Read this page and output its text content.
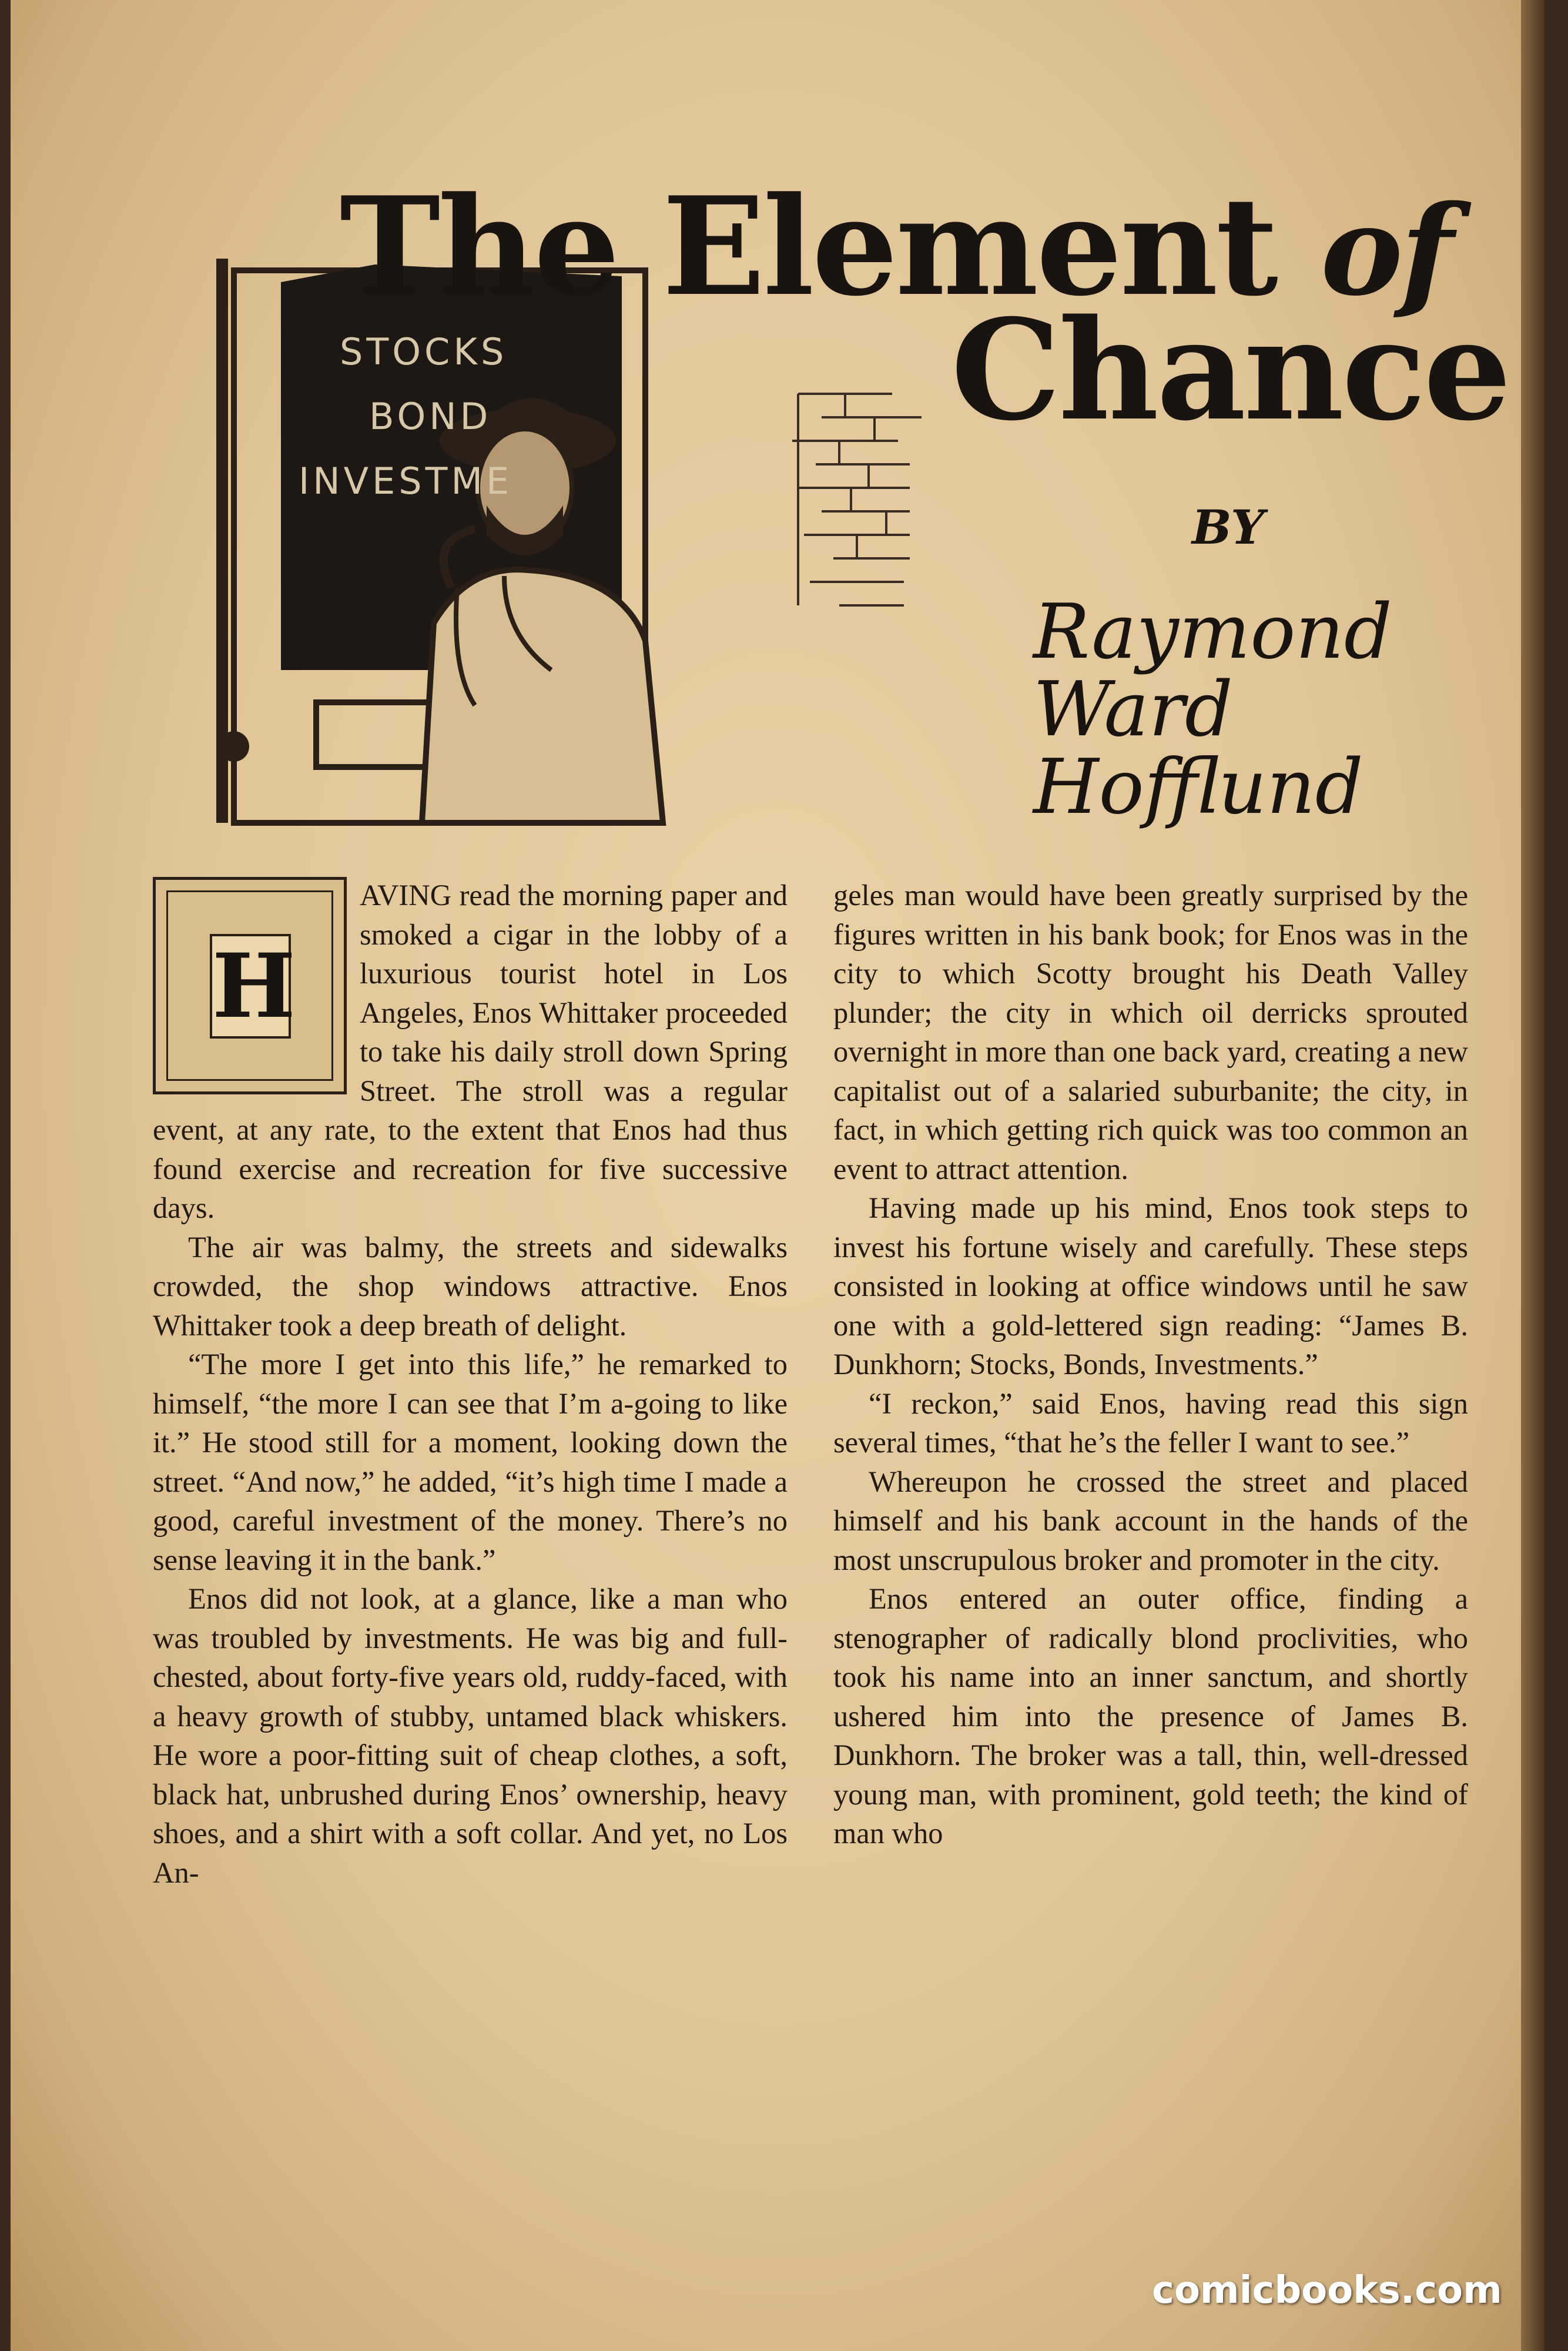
STOCKS
BOND
INVESTME
The Element of
Chance
BY
Raymond
Ward
Hofflund
H

AVING read the morning paper and smoked a cigar in the lobby of a luxurious tourist hotel in Los Angeles, Enos Whittaker proceeded to take his daily stroll down Spring Street. The stroll was a regular event, at any rate, to the extent that Enos had thus found exercise and recreation for five successive days.

The air was balmy, the streets and sidewalks crowded, the shop windows attractive. Enos Whittaker took a deep breath of delight.

“The more I get into this life,” he remarked to himself, “the more I can see that I’m a-going to like it.” He stood still for a moment, looking down the street. “And now,” he added, “it’s high time I made a good, careful investment of the money. There’s no sense leaving it in the bank.”

Enos did not look, at a glance, like a man who was troubled by investments. He was big and full-chested, about forty-five years old, ruddy-faced, with a heavy growth of stubby, untamed black whiskers. He wore a poor-fitting suit of cheap clothes, a soft, black hat, unbrushed during Enos’ ownership, heavy shoes, and a shirt with a soft collar. And yet, no Los An-

geles man would have been greatly surprised by the figures written in his bank book; for Enos was in the city to which Scotty brought his Death Valley plunder; the city in which oil derricks sprouted overnight in more than one back yard, creating a new capitalist out of a salaried suburbanite; the city, in fact, in which getting rich quick was too common an event to attract attention.

Having made up his mind, Enos took steps to invest his fortune wisely and carefully. These steps consisted in looking at office windows until he saw one with a gold-lettered sign reading: “James B. Dunkhorn; Stocks, Bonds, Investments.”

“I reckon,” said Enos, having read this sign several times, “that he’s the feller I want to see.”

Whereupon he crossed the street and placed himself and his bank account in the hands of the most unscrupulous broker and promoter in the city.

Enos entered an outer office, finding a stenographer of radically blond proclivities, who took his name into an inner sanctum, and shortly ushered him into the presence of James B. Dunkhorn. The broker was a tall, thin, well-dressed young man, with prominent, gold teeth; the kind of man who

comicbooks.com
